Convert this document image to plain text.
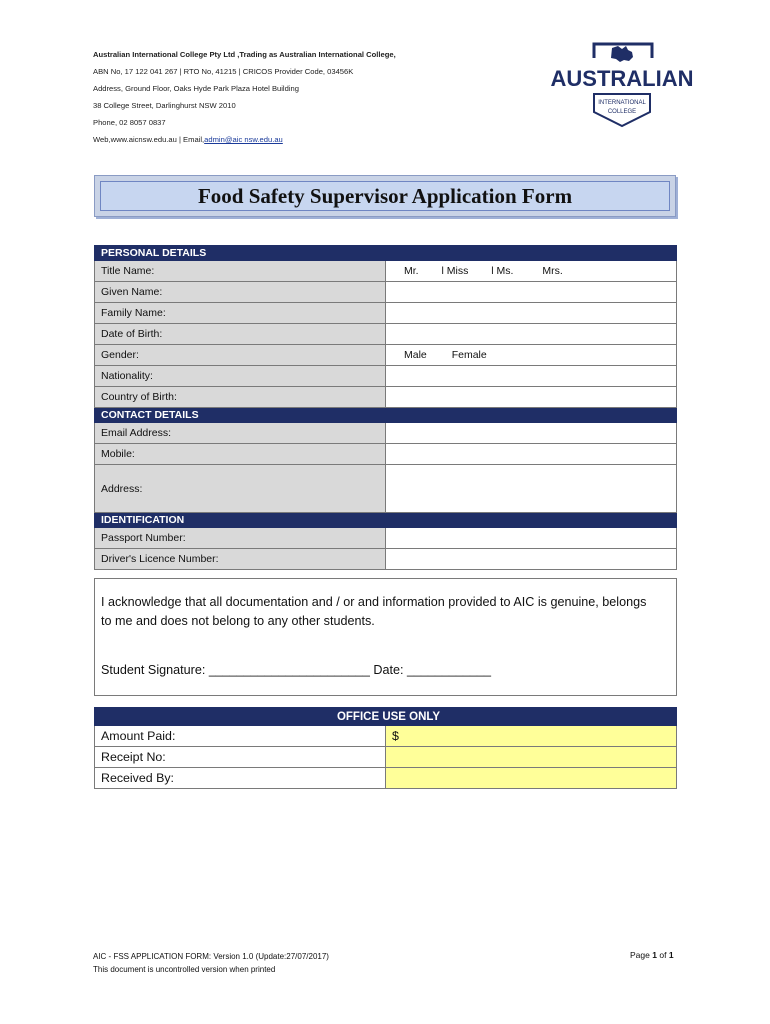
Australian International College Pty Ltd ,Trading as Australian International College,
ABN No, 17 122 041 267 | RTO No, 41215 | CRICOS Provider Code, 03456K
Address, Ground Floor, Oaks Hyde Park Plaza Hotel Building
38 College Street, Darlinghurst NSW 2010
Phone, 02 8057 0837
Web,www.aicnsw.edu.au | Email,admin@aic nsw.edu.au
AUSTRALIAN
INTERNATIONAL
COLLEGE
Food Safety Supervisor Application Form
PERSONAL DETAILS	
Title Name:	Mr. l Miss l Ms. Mrs.
Given Name:	
Family Name:	
Date of Birth:	
Gender:	Male Female
Nationality:	
Country of Birth:	
CONTACT DETAILS	
Email Address:	
Mobile:	
Address:	
IDENTIFICATION	
Passport Number:	
Driver's Licence Number:	

I acknowledge that all documentation and / or and information provided to AIC is genuine, belongs

to me and does not belong to any other students.

Student Signature: _______________________ Date: ____________

OFFICE USE ONLY	
Amount Paid:	$
Receipt No:	
Received By:	
AIC - FSS APPLICATION FORM: Version 1.0 (Update:27/07/2017)
This document is uncontrolled version when printed
Page 1 of 1
